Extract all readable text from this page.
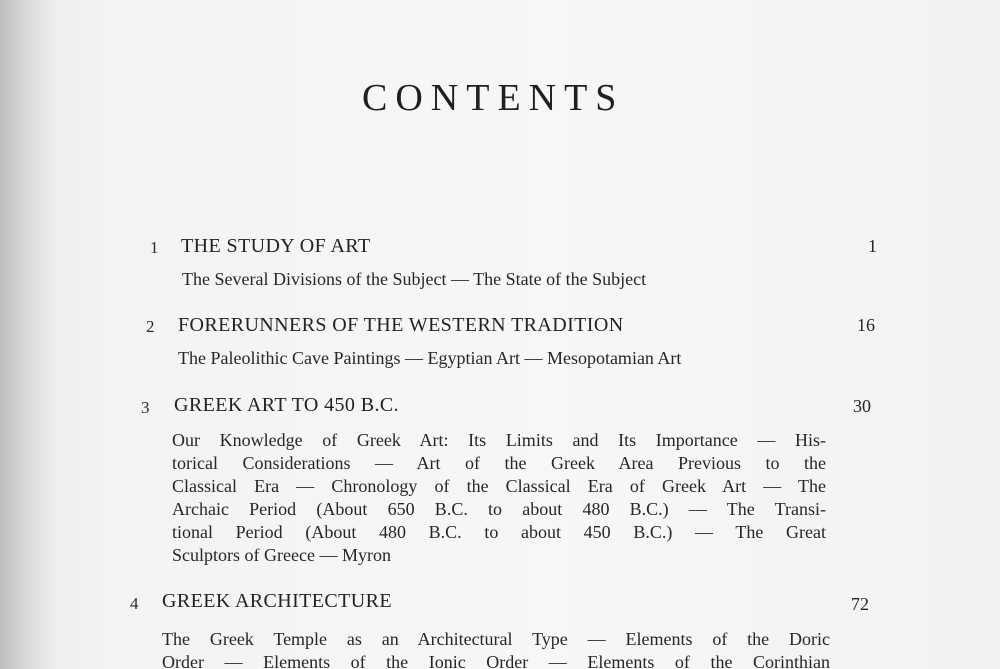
CONTENTS
1 THE STUDY OF ART	1
The Several Divisions of the Subject — The State of the Subject
2 FORERUNNERS OF THE WESTERN TRADITION	16
The Paleolithic Cave Paintings — Egyptian Art — Mesopotamian Art
3 GREEK ART TO 450 B.C.	30
Our Knowledge of Greek Art: Its Limits and Its Importance — His-
torical Considerations — Art of the Greek Area Previous to the
Classical Era — Chronology of the Classical Era of Greek Art — The
Archaic Period (About 650 B.C. to about 480 B.C.) — The Transi-
tional Period (About 480 B.C. to about 450 B.C.) — The Great
Sculptors of Greece — Myron
4 GREEK ARCHITECTURE	72
The Greek Temple as an Architectural Type — Elements of the Doric
Order — Elements of the Ionic Order — Elements of the Corinthian
